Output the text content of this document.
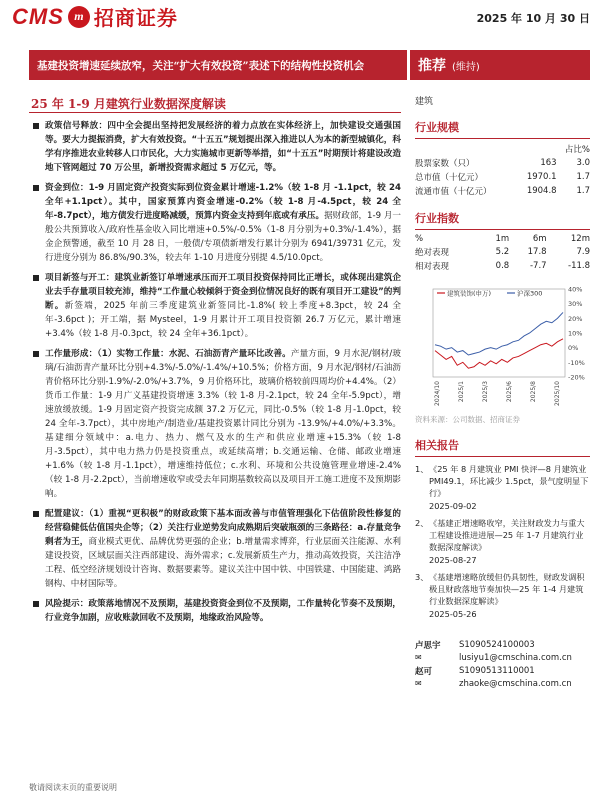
CMS m 招商证券	2025 年 10 月 30 日
基建投资增速延续放窄，关注“扩大有效投资”表述下的结构性投资机会	推荐 (维持)
25 年 1-9 月建筑行业数据深度解读
政策信号释放：四中全会提出坚持把发展经济的着力点放在实体经济上，加快建设交通强国等。要大力提振消费，扩大有效投资。“十五五”规划提出深入推进以人为本的新型城镇化，科学有序推进农业转移人口市民化，大力实施城市更新等举措，如“十五五”时期预计将建设改造地下管网超过 70 万公里，新增投资需求超过 5 万亿元，等。
资金到位：1-9 月固定资产投资实际到位资金累计增速-1.2%（较 1-8 月 -1.1pct，较 24 全年+1.1pct）。其中，国家预算内资金增速-0.2%（较 1-8 月-4.5pct，较 24 全年-8.7pct），地方债发行进度略减缓，预算内资金支持到年底或有承压。据财政部，1-9 月一般公共预算收入/政府性基金收入同比增速+0.5%/-0.5%（1-8 月分别为+0.3%/-1.4%），据金企预警通，截至 10 月 28 日，一般债/专项债新增发行累计分别为 6941/39731 亿元，发行进度分别为 86.8%/90.3%，较去年 1-10 月进度分别提 4.5/10.0pct。
项目新签与开工：建筑业新签订单增速承压而开工项目投资保持同比正增长，或体现出建筑企业去手存量项目较充沛，维持“工作量心较倾斜于资金到位情况良好的既有项目开工建设”的判断。新签端，2025 年前三季度建筑业新签同比-1.8%( 较上季度+8.3pct，较 24 全年-3.6pct )；开工端，据 Mysteel，1-9 月累计开工项目投资额 26.7 万亿元，累计增速+3.4%（较 1-8 月-0.3pct，较 24 全年+36.1pct）。
工作量形成：（1）实物工作量：水泥、石油沥青产量环比改善。产量方面，9 月水泥/钢材/玻璃/石油沥青产量环比分别+4.3%/-5.0%/-1.4%/+10.5%；价格方面，9 月水泥/钢材/石油沥青价格环比分别-1.9%/-2.0%/+3.7%，9 月价格环比，玻璃价格较前四周均价+4.4%。（2）货币工作量：1-9 月广义基建投资增速 3.3%（较 1-8 月-2.1pct，较 24 全年-5.9pct），增速放缓放缓。1-9 月固定资产投资完成额 37.2 万亿元，同比-0.5%（较 1-8 月-1.0pct，较 24 全年-3.7pct），其中房地产/制造业/基建投资累计同比分别为 -13.9%/+4.0%/+3.3%。基建细分领域中：a.电力、热力、燃气及水的生产和供应业增速+15.3%（较 1-8 月-3.5pct），其中电力热力仍是投资重点，或延续高增；b.交通运输、仓储、邮政业增速+1.6%（较 1-8 月-1.1pct），增速维持低位；c.水利、环境和公共设施管理业增速-2.4%（较 1-8 月-2.2pct），当前增速收窄或受去年同期基数较高以及项目开工施工进度不及预期影响。
配置建议：（1）重视“更积极”的财政政策下基本面改善与市值管理强化下估值阶段性修复的经营稳健低估值国央企等；（2）关注行业逆势发向成熟期后突破瓶颈的三条路径：a.存量竞争剩者为王，商业模式更优、品牌优势更强的企业；b.增量需求博弈，行业层面关注能源、水利建设投资，区域层面关注西部建设、海外需求；c.发展新质生产力，推动高效投资，关注洁净工程、低空经济规划设计咨询、数据要素等。建议关注中国中铁、中国铁建、中国能建、鸿路钢构、中材国际等。
风险提示：政策落地情况不及预期，基建投资资金到位不及预期，工作量转化节奏不及预期，行业竞争加剧，应收账款回收不及预期，地缘政治风险等。
建筑
行业规模
		占比%
股票家数（只）	163	3.0
总市值（十亿元）	1970.1	1.7
流通市值（十亿元）	1904.8	1.7
行业指数
%	1m	6m	12m
绝对表现	5.2	17.8	7.9
相对表现	0.8	-7.7	-11.8
40%
30%
20%
10%
0%
-10%
-20%
2024/10	2025/1	2025/3	2025/6	2025/8	2025/10
建筑装饰(申万)	沪深300
资料来源：公司数据、招商证券
相关报告
1、 《25 年 8 月建筑业 PMI 快评—8 月建筑业 PMI49.1，环比减少 1.5pct，景气度明显下行》
2025-09-02
2、 《基建正增速略收窄，关注财政发力与重大工程建设推进进展—25 年 1-7 月建筑行业数据深度解读》
2025-08-27
3、 《基建增速略放缓但仍具韧性，财政发调积极且财政落地节奏加快—25 年 1-4 月建筑行业数据深度解读》
2025-05-26
卢思宇	S1090524100003
✉	lusiyu1@cmschina.com.cn
赵可	S1090513110001
✉	zhaoke@cmschina.com.cn
敬请阅读末页的重要说明
